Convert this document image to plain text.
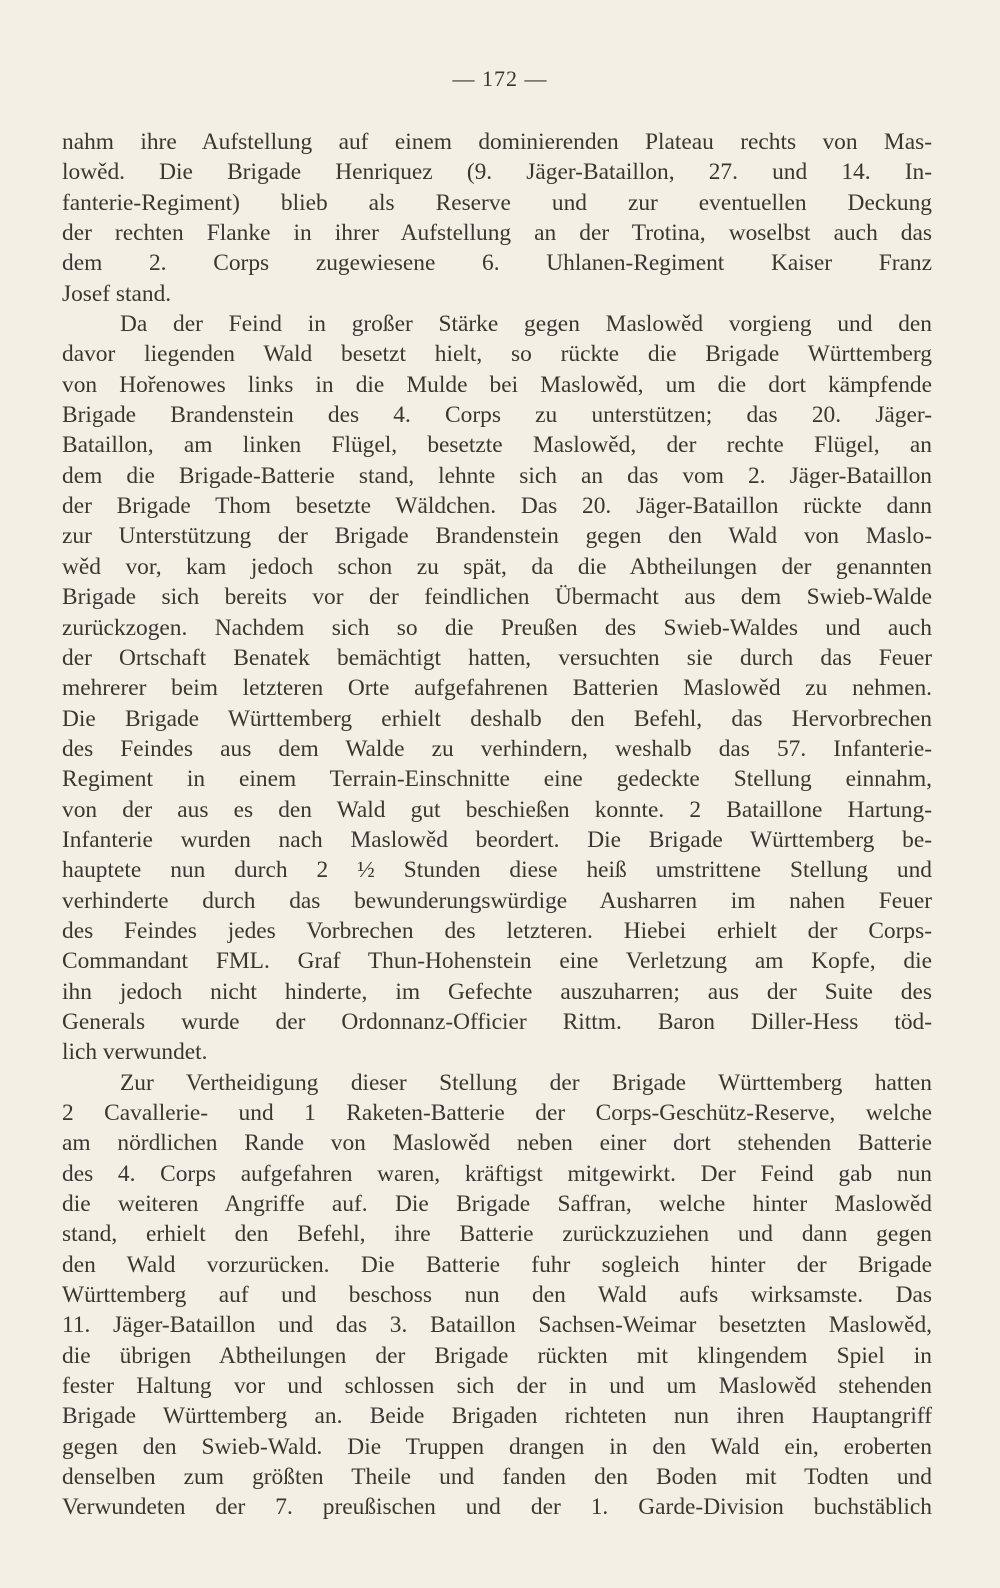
— 172 —
nahm ihre Aufstellung auf einem dominierenden Plateau rechts von Mas-
lowěd. Die Brigade Henriquez (9. Jäger-Bataillon, 27. und 14. In-
fanterie-Regiment) blieb als Reserve und zur eventuellen Deckung
der rechten Flanke in ihrer Aufstellung an der Trotina, woselbst auch das
dem 2. Corps zugewiesene 6. Uhlanen-Regiment Kaiser Franz
Josef stand.
Da der Feind in großer Stärke gegen Maslowěd vorgieng und den
davor liegenden Wald besetzt hielt, so rückte die Brigade Württemberg
von Hořenowes links in die Mulde bei Maslowěd, um die dort kämpfende
Brigade Brandenstein des 4. Corps zu unterstützen; das 20. Jäger-
Bataillon, am linken Flügel, besetzte Maslowěd, der rechte Flügel, an
dem die Brigade-Batterie stand, lehnte sich an das vom 2. Jäger-Bataillon
der Brigade Thom besetzte Wäldchen. Das 20. Jäger-Bataillon rückte dann
zur Unterstützung der Brigade Brandenstein gegen den Wald von Maslo-
wěd vor, kam jedoch schon zu spät, da die Abtheilungen der genannten
Brigade sich bereits vor der feindlichen Übermacht aus dem Swieb-Walde
zurückzogen. Nachdem sich so die Preußen des Swieb-Waldes und auch
der Ortschaft Benatek bemächtigt hatten, versuchten sie durch das Feuer
mehrerer beim letzteren Orte aufgefahrenen Batterien Maslowěd zu nehmen.
Die Brigade Württemberg erhielt deshalb den Befehl, das Hervorbrechen
des Feindes aus dem Walde zu verhindern, weshalb das 57. Infanterie-
Regiment in einem Terrain-Einschnitte eine gedeckte Stellung einnahm,
von der aus es den Wald gut beschießen konnte. 2 Bataillone Hartung-
Infanterie wurden nach Maslowěd beordert. Die Brigade Württemberg be-
hauptete nun durch 2 ½ Stunden diese heiß umstrittene Stellung und
verhinderte durch das bewunderungswürdige Ausharren im nahen Feuer
des Feindes jedes Vorbrechen des letzteren. Hiebei erhielt der Corps-
Commandant FML. Graf Thun-Hohenstein eine Verletzung am Kopfe, die
ihn jedoch nicht hinderte, im Gefechte auszuharren; aus der Suite des
Generals wurde der Ordonnanz-Officier Rittm. Baron Diller-Hess töd-
lich verwundet.
Zur Vertheidigung dieser Stellung der Brigade Württemberg hatten
2 Cavallerie- und 1 Raketen-Batterie der Corps-Geschütz-Reserve, welche
am nördlichen Rande von Maslowěd neben einer dort stehenden Batterie
des 4. Corps aufgefahren waren, kräftigst mitgewirkt. Der Feind gab nun
die weiteren Angriffe auf. Die Brigade Saffran, welche hinter Maslowěd
stand, erhielt den Befehl, ihre Batterie zurückzuziehen und dann gegen
den Wald vorzurücken. Die Batterie fuhr sogleich hinter der Brigade
Württemberg auf und beschoss nun den Wald aufs wirksamste. Das
11. Jäger-Bataillon und das 3. Bataillon Sachsen-Weimar besetzten Maslowěd,
die übrigen Abtheilungen der Brigade rückten mit klingendem Spiel in
fester Haltung vor und schlossen sich der in und um Maslowěd stehenden
Brigade Württemberg an. Beide Brigaden richteten nun ihren Hauptangriff
gegen den Swieb-Wald. Die Truppen drangen in den Wald ein, eroberten
denselben zum größten Theile und fanden den Boden mit Todten und
Verwundeten der 7. preußischen und der 1. Garde-Division buchstäblich
